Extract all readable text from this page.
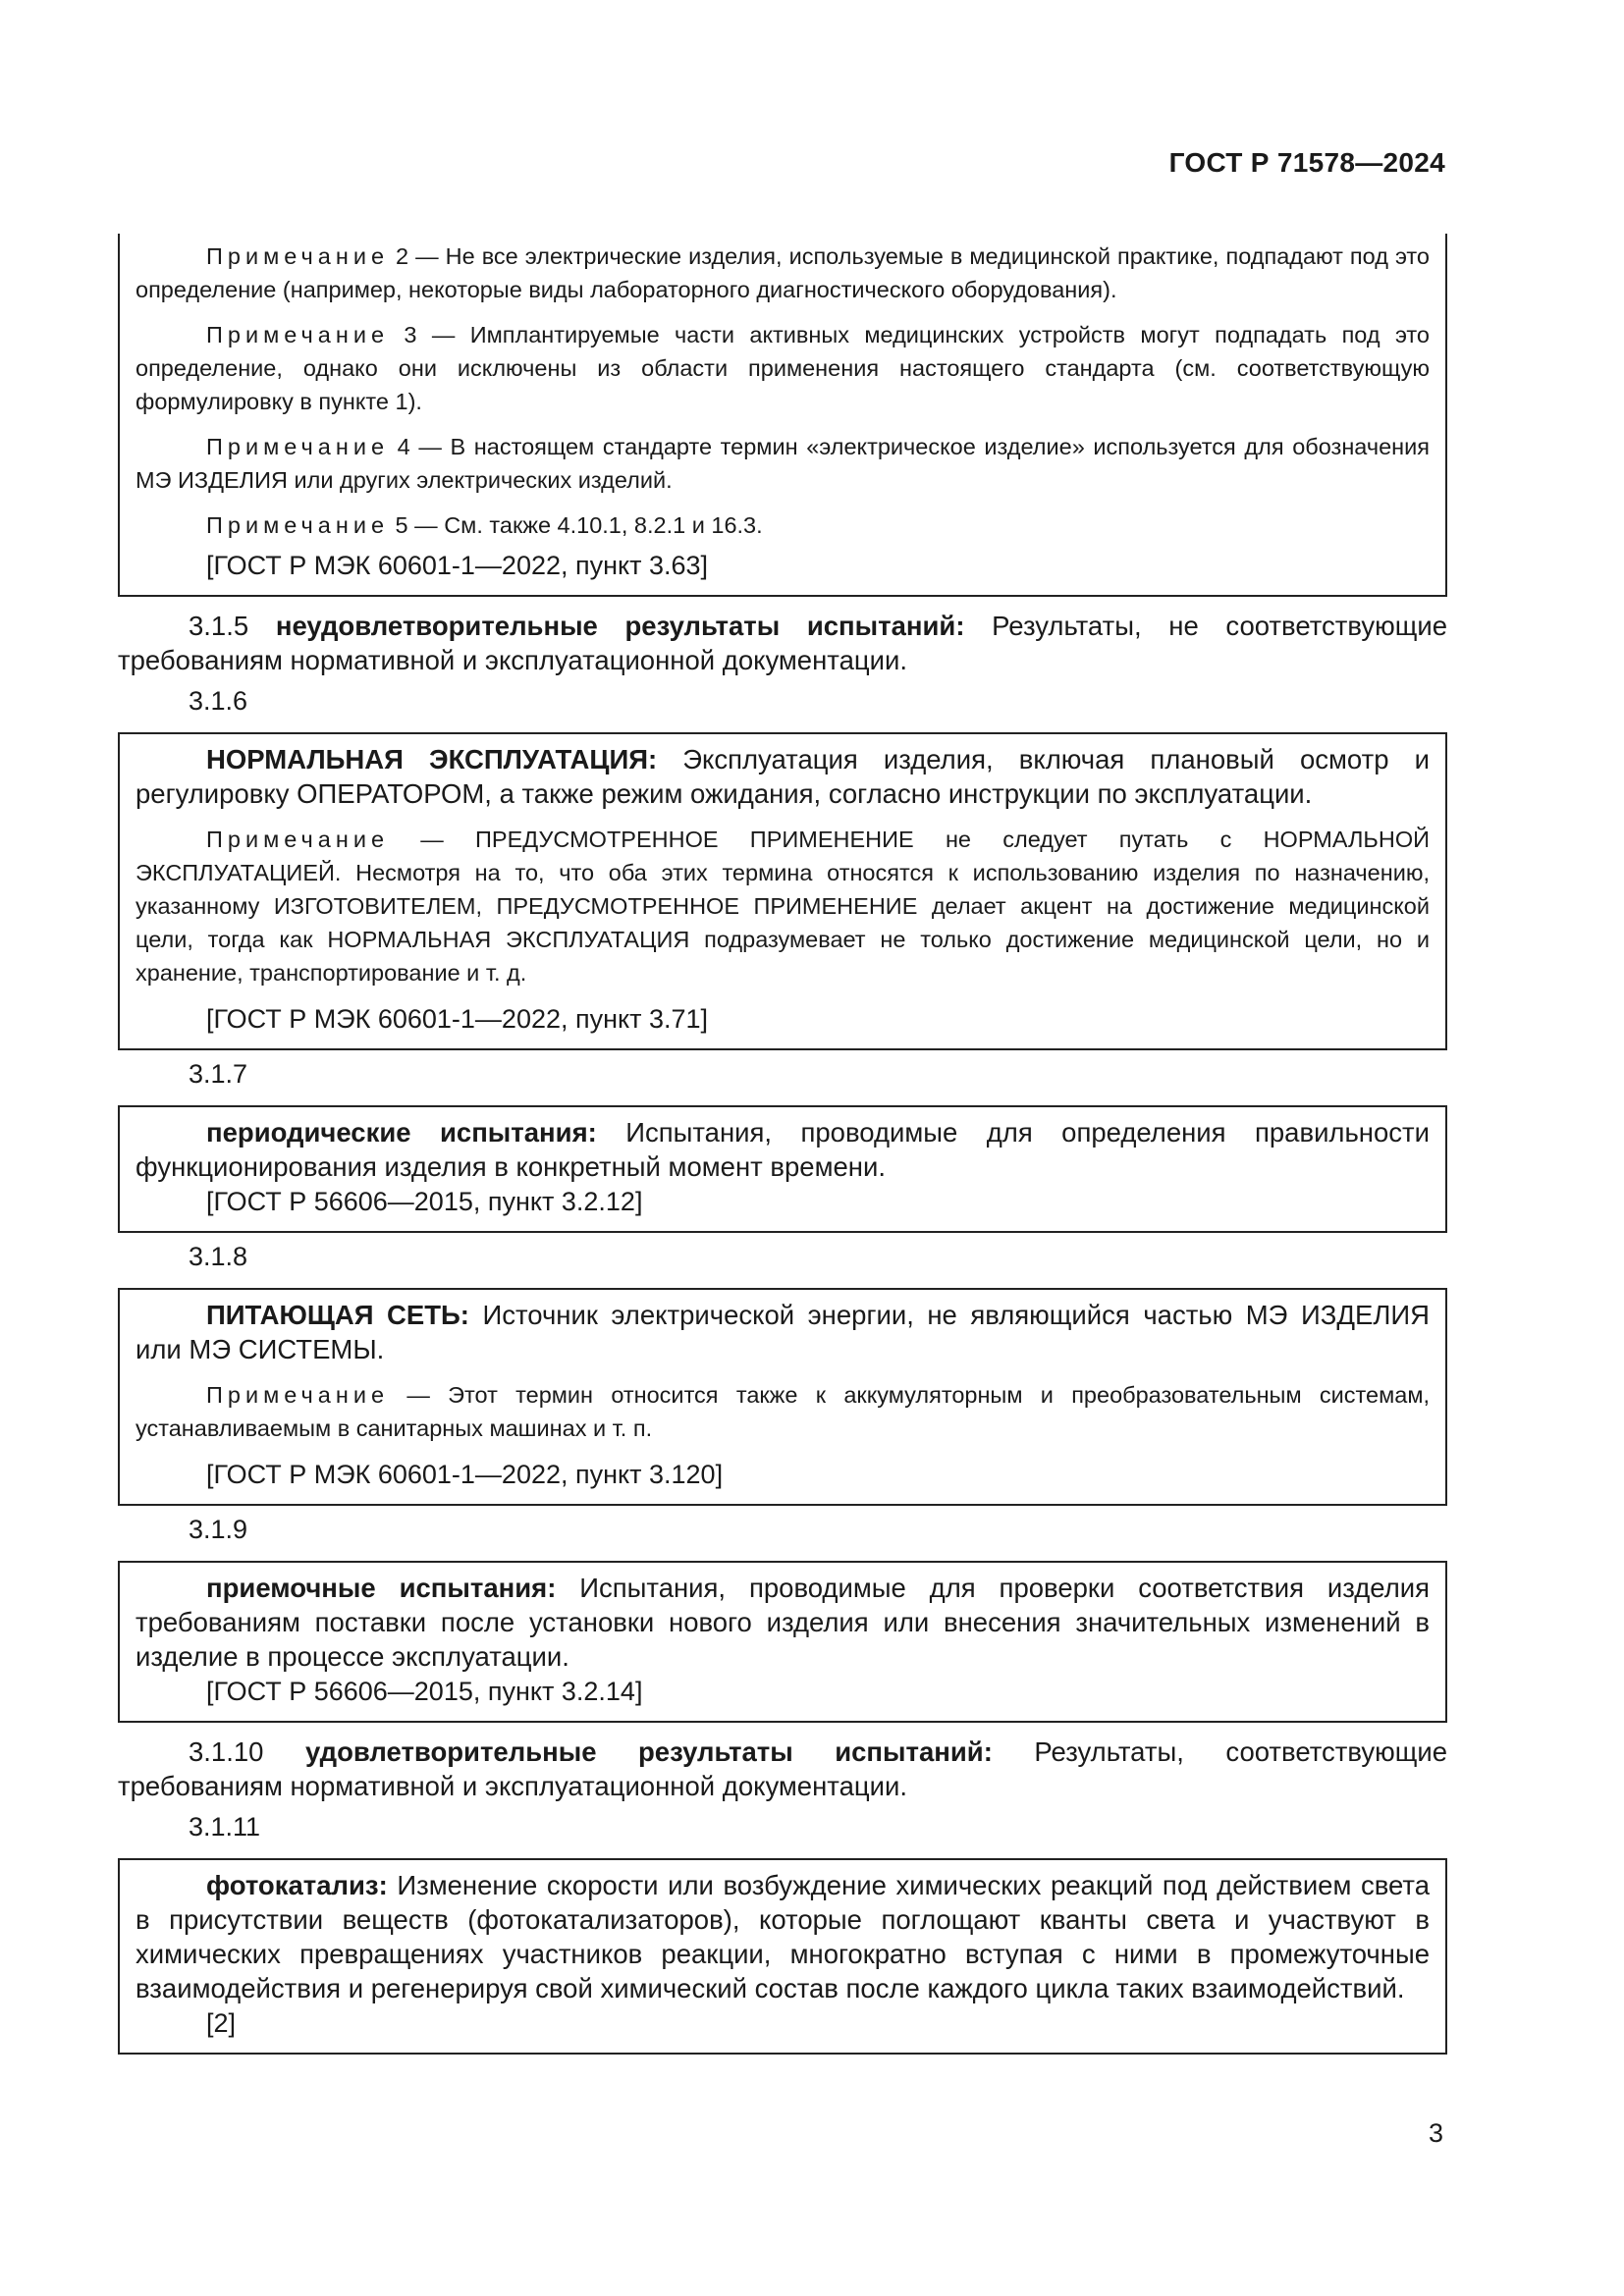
ГОСТ Р 71578—2024

Примечание 2 — Не все электрические изделия, используемые в медицинской практике, подпадают под это определение (например, некоторые виды лабораторного диагностического оборудования).

Примечание 3 — Имплантируемые части активных медицинских устройств могут подпадать под это определение, однако они исключены из области применения настоящего стандарта (см. соответствующую формулировку в пункте 1).

Примечание 4 — В настоящем стандарте термин «электрическое изделие» используется для обозначения МЭ ИЗДЕЛИЯ или других электрических изделий.

Примечание 5 — См. также 4.10.1, 8.2.1 и 16.3.

[ГОСТ Р МЭК 60601-1—2022, пункт 3.63]

3.1.5 неудовлетворительные результаты испытаний: Результаты, не соответствующие требованиям нормативной и эксплуатационной документации.

3.1.6

НОРМАЛЬНАЯ ЭКСПЛУАТАЦИЯ: Эксплуатация изделия, включая плановый осмотр и регулировку ОПЕРАТОРОМ, а также режим ожидания, согласно инструкции по эксплуатации.

Примечание — ПРЕДУСМОТРЕННОЕ ПРИМЕНЕНИЕ не следует путать с НОРМАЛЬНОЙ ЭКСПЛУАТАЦИЕЙ. Несмотря на то, что оба этих термина относятся к использованию изделия по назначению, указанному ИЗГОТОВИТЕЛЕМ, ПРЕДУСМОТРЕННОЕ ПРИМЕНЕНИЕ делает акцент на достижение медицинской цели, тогда как НОРМАЛЬНАЯ ЭКСПЛУАТАЦИЯ подразумевает не только достижение медицинской цели, но и хранение, транспортирование и т. д.

[ГОСТ Р МЭК 60601-1—2022, пункт 3.71]
3.1.7

периодические испытания: Испытания, проводимые для определения правильности функционирования изделия в конкретный момент времени.

[ГОСТ Р 56606—2015, пункт 3.2.12]
3.1.8

ПИТАЮЩАЯ СЕТЬ: Источник электрической энергии, не являющийся частью МЭ ИЗДЕЛИЯ или МЭ СИСТЕМЫ.

Примечание — Этот термин относится также к аккумуляторным и преобразовательным системам, устанавливаемым в санитарных машинах и т. п.

[ГОСТ Р МЭК 60601-1—2022, пункт 3.120]
3.1.9

приемочные испытания: Испытания, проводимые для проверки соответствия изделия требованиям поставки после установки нового изделия или внесения значительных изменений в изделие в процессе эксплуатации.

[ГОСТ Р 56606—2015, пункт 3.2.14]

3.1.10 удовлетворительные результаты испытаний: Результаты, соответствующие требованиям нормативной и эксплуатационной документации.

3.1.11

фотокатализ: Изменение скорости или возбуждение химических реакций под действием света в присутствии веществ (фотокатализаторов), которые поглощают кванты света и участвуют в химических превращениях участников реакции, многократно вступая с ними в промежуточные взаимодействия и регенерируя свой химический состав после каждого цикла таких взаимодействий.

[2]
3
